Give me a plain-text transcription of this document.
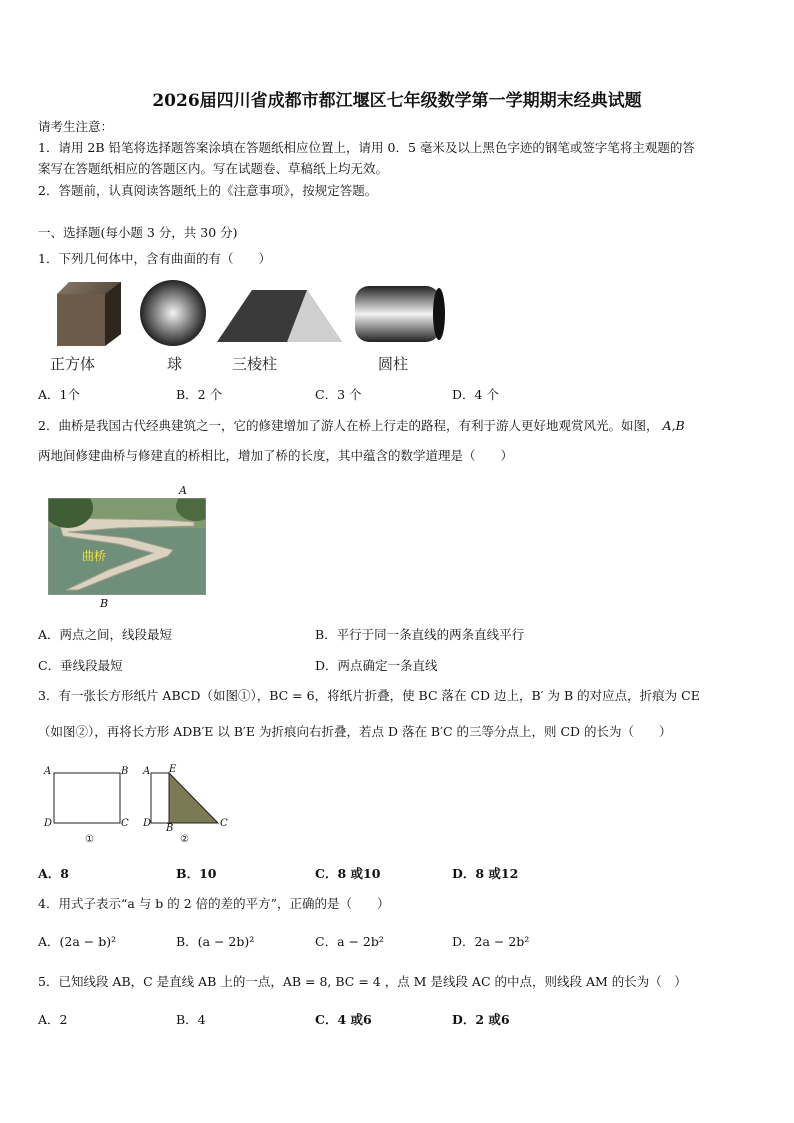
2026届四川省成都市都江堰区七年级数学第一学期期末经典试题
请考生注意：
1．请用 2B 铅笔将选择题答案涂填在答题纸相应位置上，请用 0．5 毫米及以上黑色字迹的钢笔或签字笔将主观题的答
案写在答题纸相应的答题区内。写在试题卷、草稿纸上均无效。
2．答题前，认真阅读答题纸上的《注意事项》，按规定答题。
一、选择题(每小题 3 分，共 30 分)
1．下列几何体中，含有曲面的有（　　）
正方体	球	三棱柱	圆柱
A．1个	B．2 个	C．3 个	D．4 个
2．曲桥是我国古代经典建筑之一，它的修建增加了游人在桥上行走的路程，有利于游人更好地观赏风光。如图， A,B
两地间修建曲桥与修建直的桥相比，增加了桥的长度，其中蕴含的数学道理是（　　）
A
曲桥
B
A．两点之间，线段最短	B．平行于同一条直线的两条直线平行
C．垂线段最短	D．两点确定一条直线
3．有一张长方形纸片 ABCD（如图①），BC = 6，将纸片折叠，使 BC 落在 CD 边上，B′ 为 B 的对应点，折痕为 CE
（如图②），再将长方形 ADB′E 以 B′E 为折痕向右折叠，若点 D 落在 B′C 的三等分点上，则 CD 的长为（　　）
A	B
D	C
①
A E
D B	C
②
A．8	B．10	C．8 或10	D．8 或12
4．用式子表示“a 与 b 的 2 倍的差的平方”，正确的是（　　）
A．(2a − b)²	B．(a − 2b)²	C．a − 2b²	D．2a − 2b²
5．已知线段 AB，C 是直线 AB 上的一点，AB = 8, BC = 4 ，点 M 是线段 AC 的中点，则线段 AM 的长为（　）
A．2	B．4	C．4 或6	D．2 或6
